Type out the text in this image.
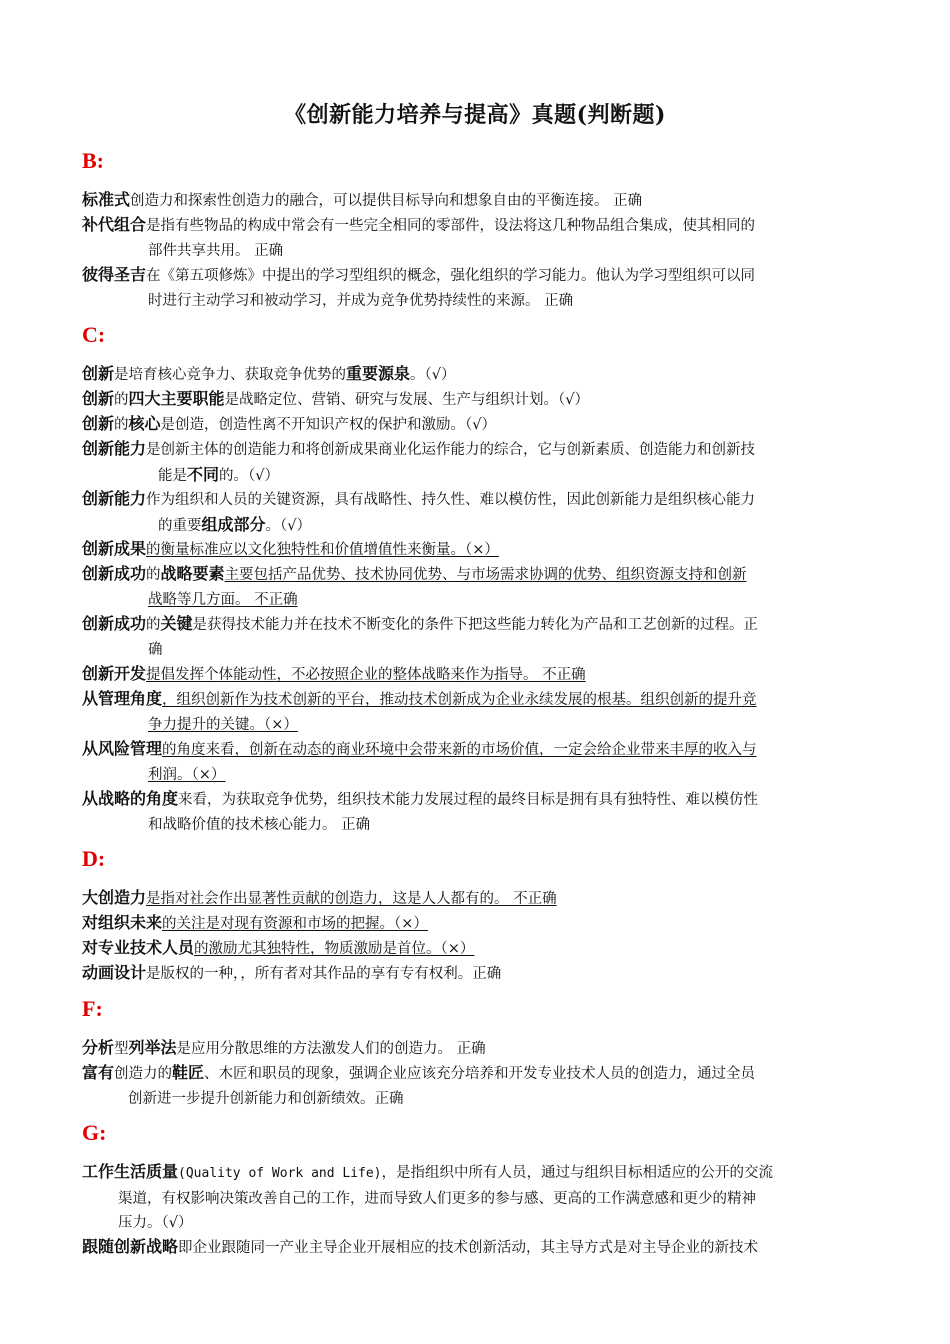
《创新能力培养与提高》真题(判断题)
B:
标准式创造力和探索性创造力的融合，可以提供目标导向和想象自由的平衡连接。 正确
补代组合是指有些物品的构成中常会有一些完全相同的零部件，设法将这几种物品组合集成，使其相同的
部件共享共用。 正确
彼得圣吉在《第五项修炼》中提出的学习型组织的概念，强化组织的学习能力。他认为学习型组织可以同
时进行主动学习和被动学习，并成为竞争优势持续性的来源。 正确
C:
创新是培育核心竞争力、获取竞争优势的重要源泉。（√）
创新的四大主要职能是战略定位、营销、研究与发展、生产与组织计划。（√）
创新的核心是创造，创造性离不开知识产权的保护和激励。（√）
创新能力是创新主体的创造能力和将创新成果商业化运作能力的综合，它与创新素质、创造能力和创新技
能是不同的。（√）
创新能力作为组织和人员的关键资源，具有战略性、持久性、难以模仿性，因此创新能力是组织核心能力
的重要组成部分。（√）
创新成果的衡量标准应以文化独特性和价值增值性来衡量。（×）
创新成功的战略要素主要包括产品优势、技术协同优势、与市场需求协调的优势、组织资源支持和创新
战略等几方面。 不正确
创新成功的关键是获得技术能力并在技术不断变化的条件下把这些能力转化为产品和工艺创新的过程。正
确
创新开发提倡发挥个体能动性，不必按照企业的整体战略来作为指导。 不正确
从管理角度，组织创新作为技术创新的平台，推动技术创新成为企业永续发展的根基。组织创新的提升竞
争力提升的关键。（×）
从风险管理的角度来看，创新在动态的商业环境中会带来新的市场价值，一定会给企业带来丰厚的收入与
利润。（×）
从战略的角度来看，为获取竞争优势，组织技术能力发展过程的最终目标是拥有具有独特性、难以模仿性
和战略价值的技术核心能力。 正确
D:
大创造力是指对社会作出显著性贡献的创造力，这是人人都有的。 不正确
对组织未来的关注是对现有资源和市场的把握。（×）
对专业技术人员的激励尤其独特性，物质激励是首位。（×）
动画设计是版权的一种，，所有者对其作品的享有专有权利。正确
F:
分析型列举法是应用分散思维的方法激发人们的创造力。 正确
富有创造力的鞋匠、木匠和职员的现象，强调企业应该充分培养和开发专业技术人员的创造力，通过全员
创新进一步提升创新能力和创新绩效。正确
G:
工作生活质量(Quality of Work and Life)，是指组织中所有人员，通过与组织目标相适应的公开的交流
渠道，有权影响决策改善自己的工作，进而导致人们更多的参与感、更高的工作满意感和更少的精神
压力。（√）
跟随创新战略即企业跟随同一产业主导企业开展相应的技术创新活动，其主导方式是对主导企业的新技术
